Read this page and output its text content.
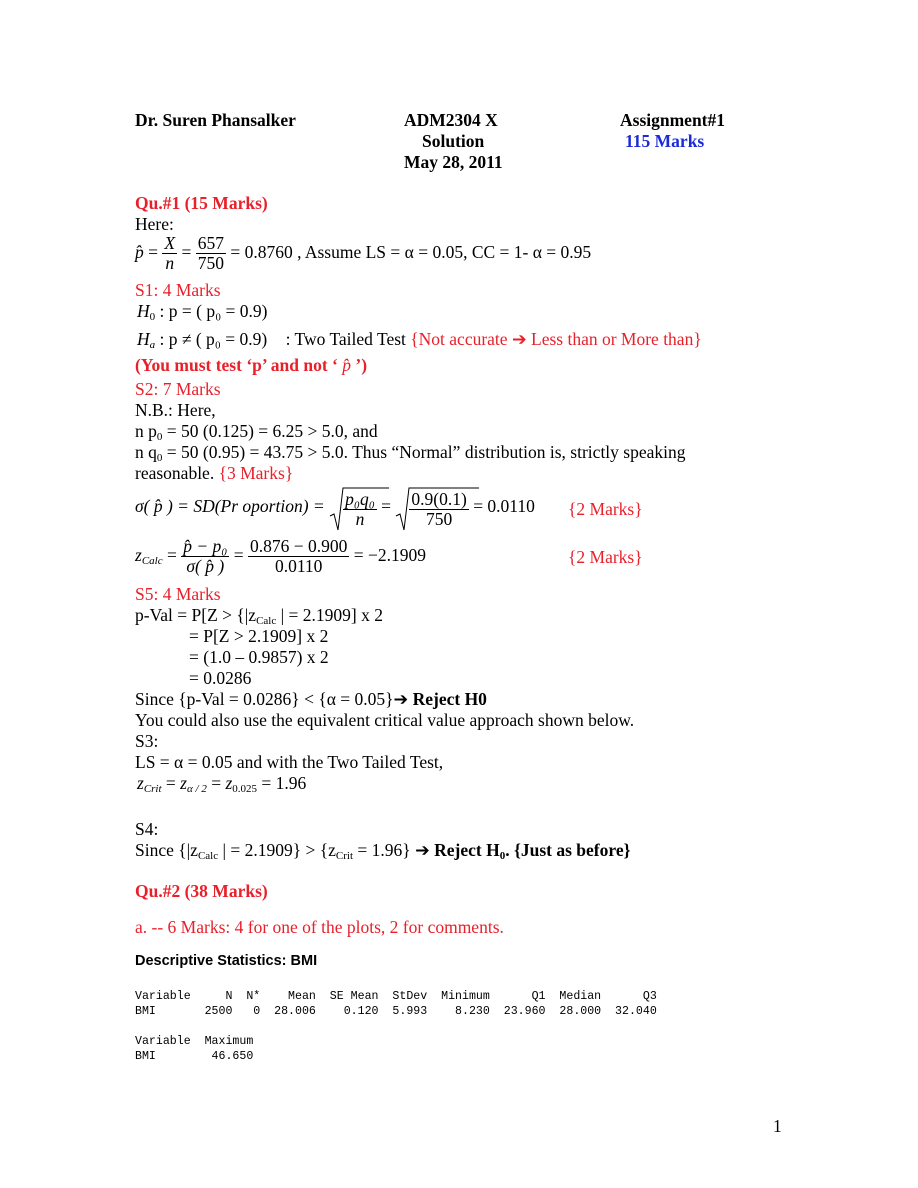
Dr. Suren Phansalker	ADM2304 X
Solution
May 28, 2011
Assignment#1
115 Marks
Qu.#1 (15 Marks)
Here:
p̂ = $\frac{X}{n} = \frac{657}{750} = 0.8760$ , Assume LS = α = 0.05, CC = 1- α = 0.95
S1: 4 Marks
$H_0$ : p = ( p₀ = 0.9)
$H_a$ : p ≠ ( p₀ = 0.9) : Two Tailed Test {Not accurate ➔ Less than or More than}
(You must test ‘p’ and not ‘ p̂ ’)
S2: 7 Marks
N.B.: Here,
n $p_0 = 50$ (0.125) = 6.25 > 5.0, and
n $q_0 = 50$ (0.95) = 43.75 > 5.0. Thus “Normal” distribution is, strictly speaking
reasonable. {3 Marks}
σ( p̂ ) = SD(Pr oportion) = $\frac{\text{p₀q₀}}{n} = \frac{0.9(0.1)}{750} = 0.0110$ {2 Marks}
$z_{Calc} = \frac{\text{p̂ − p₀}}{\sigma( p̂ )} = \frac{0.876 - 0.900}{0.0110} = -2.1909$	{2 Marks}
S5: 4 Marks
$p-Val = P[Z > \{|z_{Calc}$ | = 2.1909] x 2
= P[Z > 2.1909] x 2
= (1.0 – 0.9857) x 2
= 0.0286
Since {p-Val = 0.0286} < {α = 0.05}➔ Reject H0
You could also use the equivalent critical value approach shown below.
S3:
LS = α = 0.05 and with the Two Tailed Test,
$z_{Crit} = z_{\alpha / 2} = z_{0.025} = 1.96$
S4:
Since {$|z_{Calc}$ | = $2.1909\} > \{z_{Crit} = 1.96\}$ ➔ Reject $H_0$. {Just as before}
Qu.#2 (38 Marks)
a. -- 6 Marks: 4 for one of the plots, 2 for comments.
Descriptive Statistics: BMI
Variable     N  N*    Mean  SE Mean  StDev  Minimum      Q1  Median      Q3
BMI       2500   0  28.006    0.120  5.993    8.230  23.960  28.000  32.040
Variable  Maximum
BMI        46.650
1
